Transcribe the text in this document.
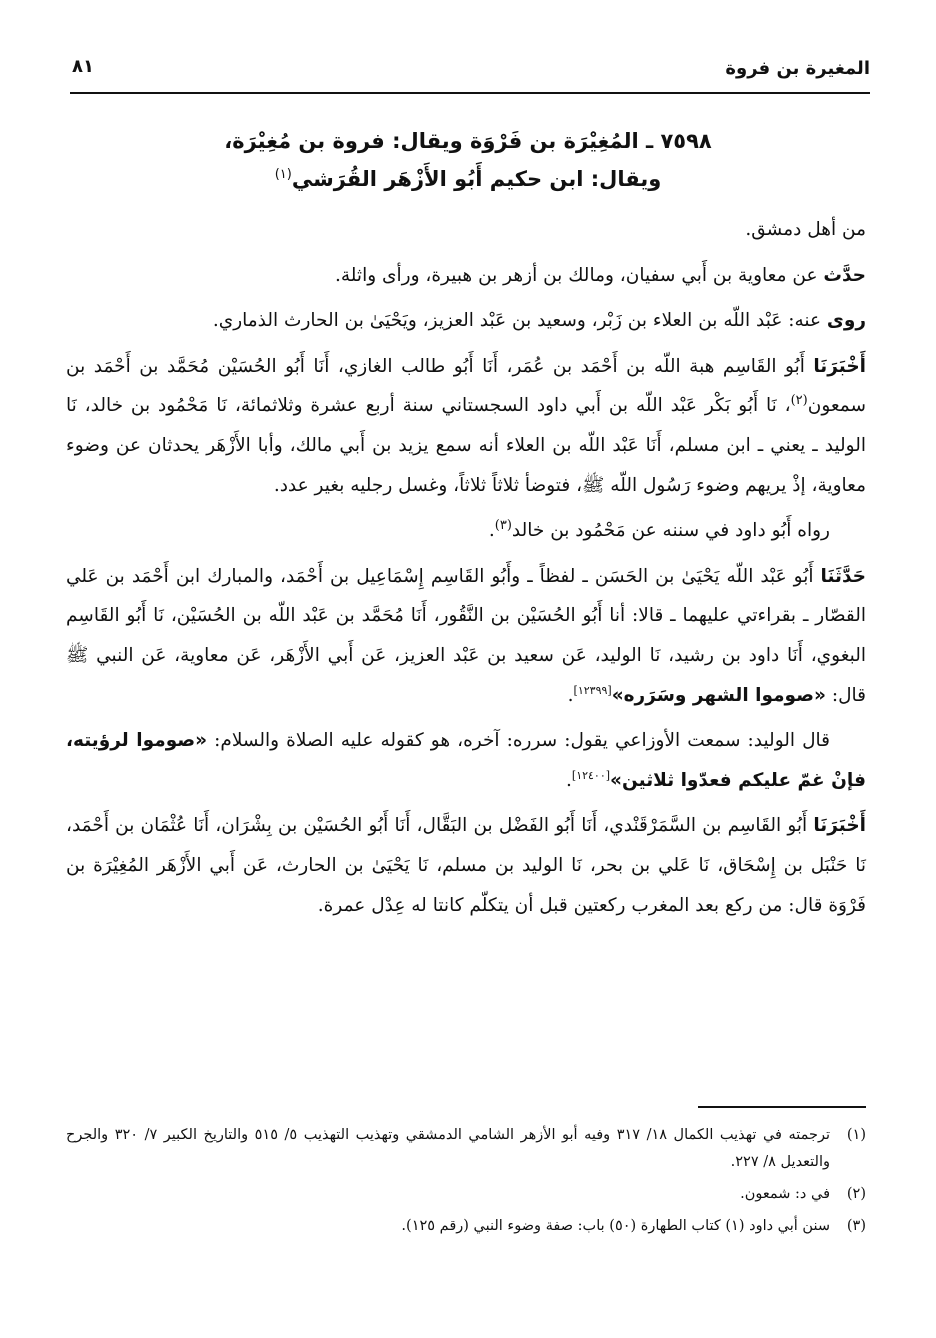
المغيرة بن فروة
٨١
٧٥٩٨ ـ المُغِيْرَة بن فَرْوَة ويقال: فروة بن مُغِيْرَة،
ويقال: ابن حكيم أَبُو الأَزْهَر القُرَشي$^{(١)}$

من أهل دمشق.

حدَّث عن معاوية بن أَبي سفيان، ومالك بن أزهر بن هبيرة، ورأى واثلة.

روى عنه: عَبْد اللّه بن العلاء بن زَبْر، وسعيد بن عَبْد العزيز، ويَحْيَىٰ بن الحارث الذماري.

أَخْبَرَنَا أَبُو القَاسِم هبة اللّه بن أَحْمَد بن عُمَر، أَنَا أَبُو طالب الغازي، أَنَا أَبُو الحُسَيْن مُحَمَّد بن أَحْمَد بن سمعون$^{(٢)}$، نَا أَبُو بَكْر عَبْد اللّه بن أَبي داود السجستاني سنة أربع عشرة وثلاثمائة، نَا مَحْمُود بن خالد، نَا الوليد ـ يعني ـ ابن مسلم، أَنَا عَبْد اللّه بن العلاء أنه سمع يزيد بن أَبي مالك، وأبا الأَزْهَر يحدثان عن وضوء معاوية، إذْ يريهم وضوء رَسُول اللّه ﷺ، فتوضأ ثلاثاً ثلاثاً، وغسل رجليه بغير عدد.

رواه أَبُو داود في سننه عن مَحْمُود بن خالد$^{(٣)}$.

حَدَّثَنَا أَبُو عَبْد اللّه يَحْيَىٰ بن الحَسَن ـ لفظاً ـ وأَبُو القَاسِم إِسْمَاعِيل بن أَحْمَد، والمبارك ابن أَحْمَد بن عَلي القصّار ـ بقراءتي عليهما ـ قالا: أنا أَبُو الحُسَيْن بن النَّقُور، أَنَا مُحَمَّد بن عَبْد اللّه بن الحُسَيْن، نَا أَبُو القَاسِم البغوي، أَنَا داود بن رشيد، نَا الوليد، عَن سعيد بن عَبْد العزيز، عَن أَبي الأَزْهَر، عَن معاوية، عَن النبي ﷺ قال: «صوموا الشهر وسَرَره»[١٢٣٩٩].

قال الوليد: سمعت الأوزاعي يقول: سرره: آخره، هو كقوله عليه الصلاة والسلام: «صوموا لرؤيته، فإنْ غمّ عليكم فعدّوا ثلاثين»[١٢٤٠٠].

أَخْبَرَنَا أَبُو القَاسِم بن السَّمَرْقَنْدي، أَنَا أَبُو الفَضْل بن البَقَّال، أَنَا أَبُو الحُسَيْن بن بِشْرَان، أَنَا عُثْمَان بن أَحْمَد، نَا حَنْبَل بن إِسْحَاق، نَا عَلي بن بحر، نَا الوليد بن مسلم، نَا يَحْيَىٰ بن الحارث، عَن أَبي الأَزْهَر المُغِيْرَة بن فَرْوَة قال: من ركع بعد المغرب ركعتين قبل أن يتكلّم كانتا له عِدْل عمرة.

(١)
ترجمته في تهذيب الكمال ١٨/ ٣١٧ وفيه أبو الأزهر الشامي الدمشقي وتهذيب التهذيب ٥/ ٥١٥ والتاريخ الكبير ٧/ ٣٢٠ والجرح والتعديل ٨/ ٢٢٧.
(٢)
في د: شمعون.
(٣)
سنن أبي داود (١) كتاب الطهارة (٥٠) باب: صفة وضوء النبي (رقم ١٢٥).
